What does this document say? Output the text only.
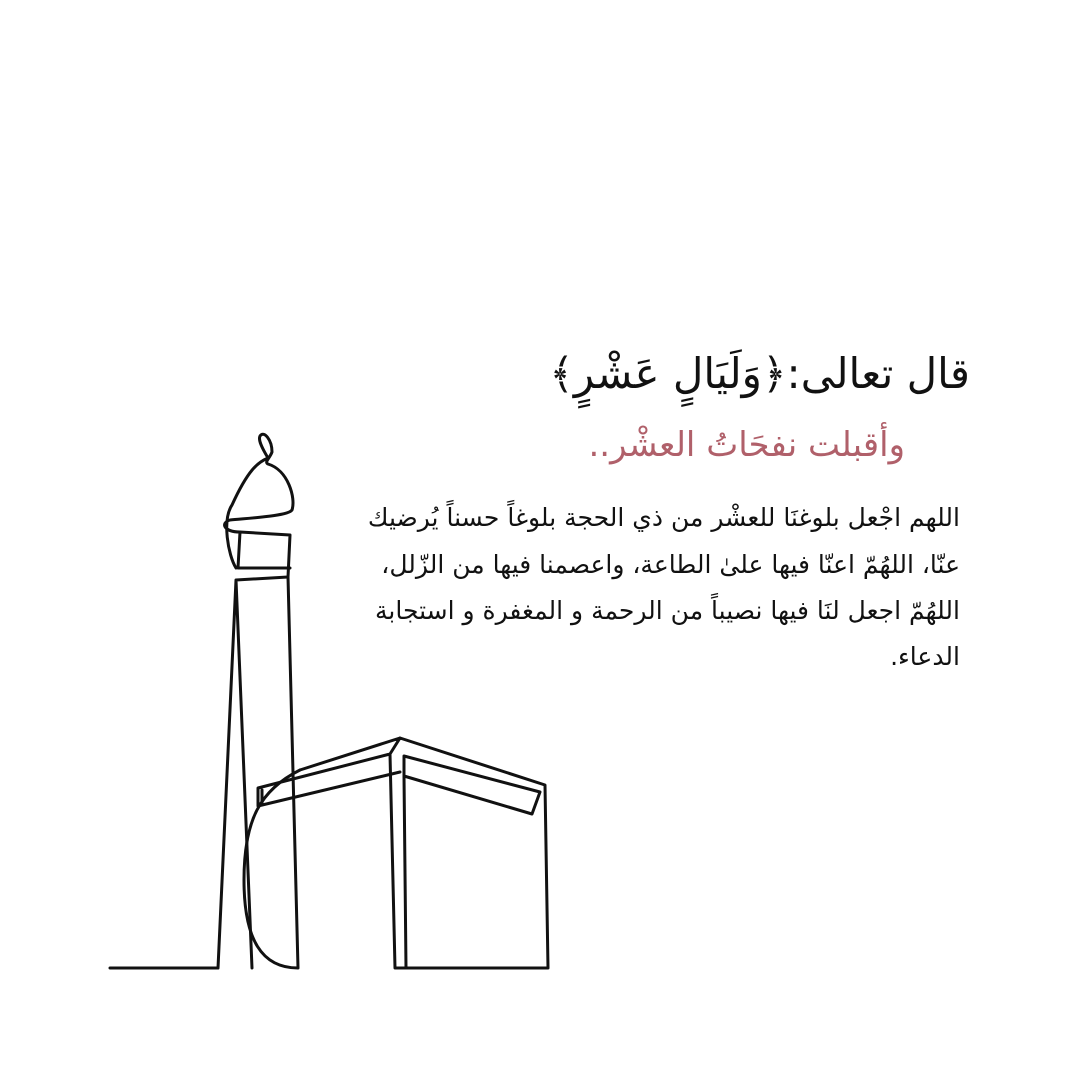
قال تعالى:﴿وَلَيَالٍ عَشْرٍ﴾
وأقبلت نفحَاتُ العشْر..

اللهم اجْعل بلوغنَا للعشْر من ذي الحجة بلوغاً حسناً يُرضيك عنّا، اللهُمّ اعنّا فيها علىٰ الطاعة، واعصمنا فيها من الزّلل، اللهُمّ اجعل لنَا فيها نصيباً من الرحمة و المغفرة و استجابة الدعاء.
